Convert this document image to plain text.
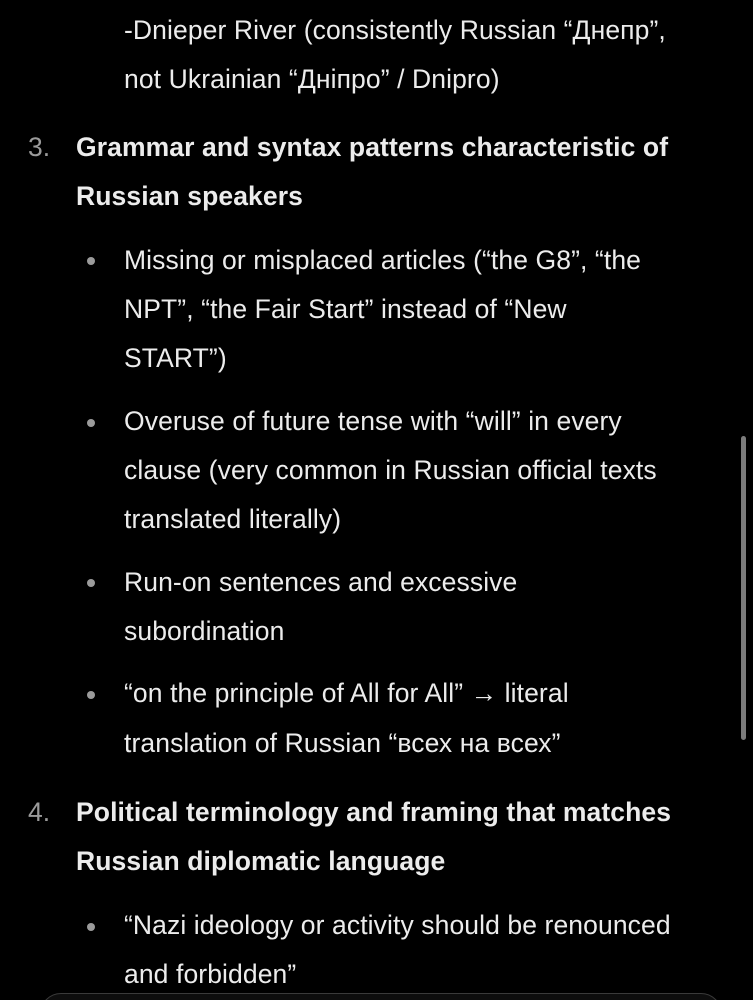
-Dnieper River (consistently Russian “Днепр”,
not Ukrainian “Дніпро” / Dnipro)
3. Grammar and syntax patterns characteristic of
Russian speakers
Missing or misplaced articles (“the G8”, “the
NPT”, “the Fair Start” instead of “New
START”)
Overuse of future tense with “will” in every
clause (very common in Russian official texts
translated literally)
Run-on sentences and excessive
subordination
“on the principle of All for All” → literal
translation of Russian “всех на всех”
4. Political terminology and framing that matches
Russian diplomatic language
“Nazi ideology or activity should be renounced
and forbidden”
